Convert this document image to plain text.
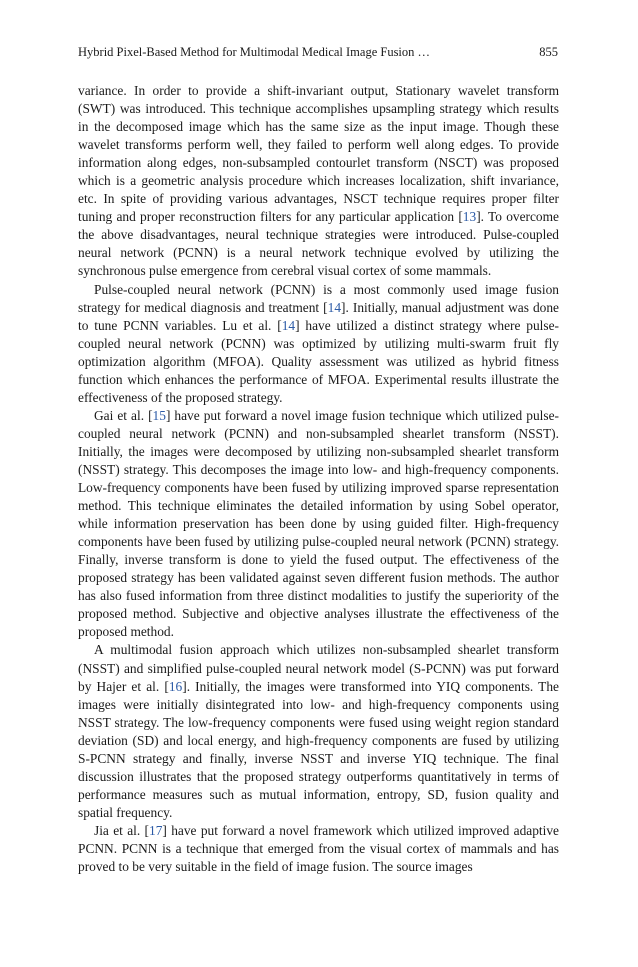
Hybrid Pixel-Based Method for Multimodal Medical Image Fusion …	855

variance. In order to provide a shift-invariant output, Stationary wavelet transform (SWT) was introduced. This technique accomplishes upsampling strategy which results in the decomposed image which has the same size as the input image. Though these wavelet transforms perform well, they failed to perform well along edges. To provide information along edges, non-subsampled contourlet transform (NSCT) was proposed which is a geometric analysis procedure which increases localization, shift invariance, etc. In spite of providing various advantages, NSCT technique requires proper filter tuning and proper reconstruction filters for any particular application [13]. To overcome the above disadvantages, neural technique strategies were introduced. Pulse-coupled neural network (PCNN) is a neural network technique evolved by utilizing the synchronous pulse emergence from cerebral visual cortex of some mammals.

Pulse-coupled neural network (PCNN) is a most commonly used image fusion strategy for medical diagnosis and treatment [14]. Initially, manual adjustment was done to tune PCNN variables. Lu et al. [14] have utilized a distinct strategy where pulse-coupled neural network (PCNN) was optimized by utilizing multi-swarm fruit fly optimization algorithm (MFOA). Quality assessment was utilized as hybrid fitness function which enhances the performance of MFOA. Experimental results illustrate the effectiveness of the proposed strategy.

Gai et al. [15] have put forward a novel image fusion technique which utilized pulse-coupled neural network (PCNN) and non-subsampled shearlet transform (NSST). Initially, the images were decomposed by utilizing non-subsampled shearlet transform (NSST) strategy. This decomposes the image into low- and high-frequency components. Low-frequency components have been fused by utilizing improved sparse representation method. This technique eliminates the detailed information by using Sobel operator, while information preservation has been done by using guided filter. High-frequency components have been fused by utilizing pulse-coupled neural network (PCNN) strategy. Finally, inverse transform is done to yield the fused output. The effectiveness of the proposed strategy has been validated against seven different fusion methods. The author has also fused information from three distinct modalities to justify the superiority of the proposed method. Subjective and objective analyses illustrate the effectiveness of the proposed method.

A multimodal fusion approach which utilizes non-subsampled shearlet transform (NSST) and simplified pulse-coupled neural network model (S-PCNN) was put forward by Hajer et al. [16]. Initially, the images were transformed into YIQ components. The images were initially disintegrated into low- and high-frequency components using NSST strategy. The low-frequency components were fused using weight region standard deviation (SD) and local energy, and high-frequency components are fused by utilizing S-PCNN strategy and finally, inverse NSST and inverse YIQ technique. The final discussion illustrates that the proposed strategy outperforms quantitatively in terms of performance measures such as mutual information, entropy, SD, fusion quality and spatial frequency.

Jia et al. [17] have put forward a novel framework which utilized improved adaptive PCNN. PCNN is a technique that emerged from the visual cortex of mammals and has proved to be very suitable in the field of image fusion. The source images
